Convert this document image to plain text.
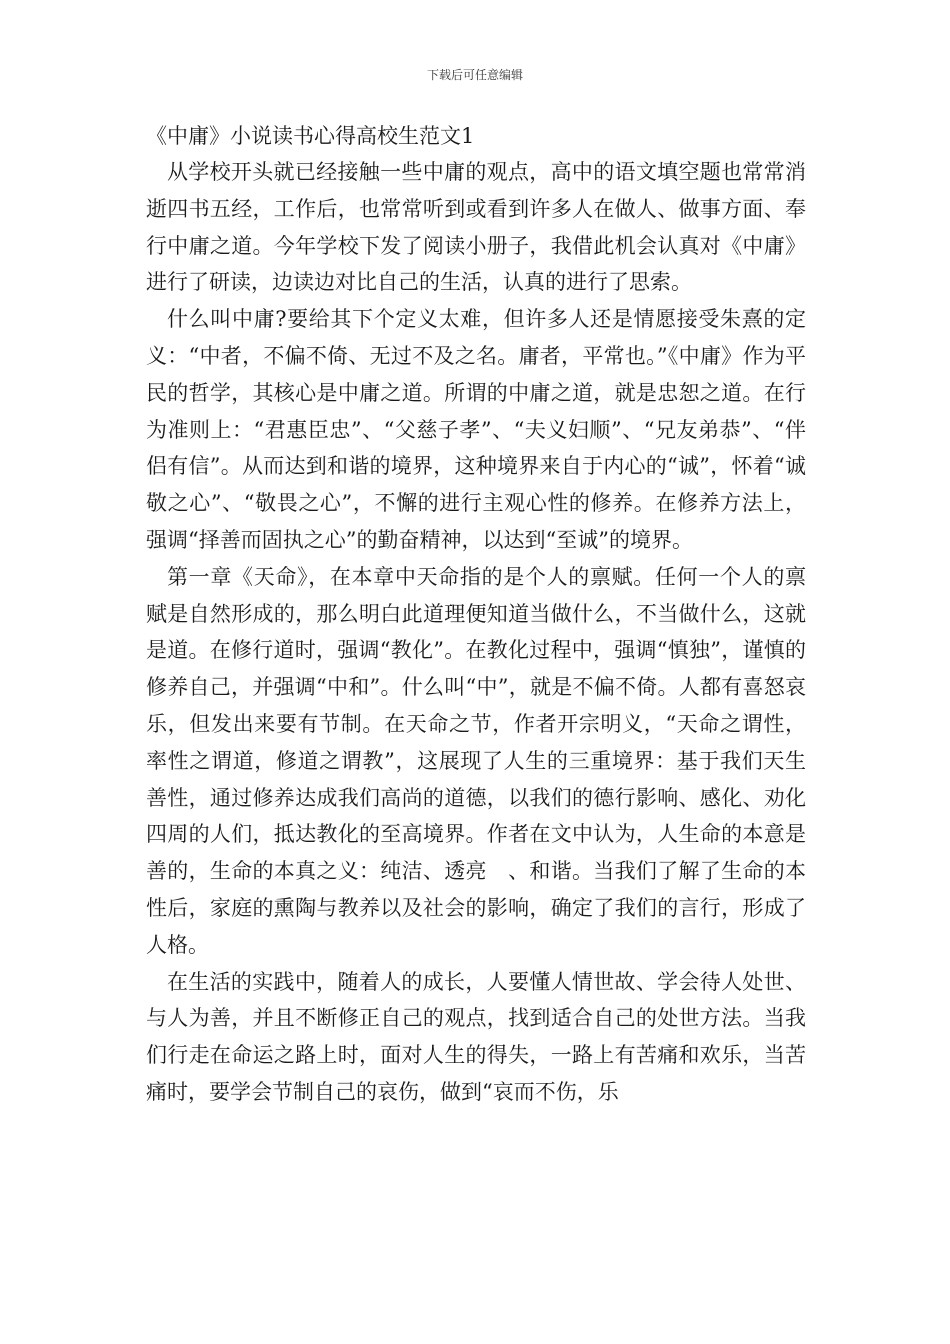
下载后可任意编辑
《中庸》小说读书心得高校生范文1

从学校开头就已经接触一些中庸的观点，高中的语文填空题也常常消逝四书五经，工作后，也常常听到或看到许多人在做人、做事方面、奉行中庸之道。今年学校下发了阅读小册子，我借此机会认真对《中庸》进行了研读，边读边对比自己的生活，认真的进行了思索。

什么叫中庸?要给其下个定义太难，但许多人还是情愿接受朱熹的定义：“中者，不偏不倚、无过不及之名。庸者，平常也。”《中庸》作为平民的哲学，其核心是中庸之道。所谓的中庸之道，就是忠恕之道。在行为准则上：“君惠臣忠”、“父慈子孝”、“夫义妇顺”、“兄友弟恭”、“伴侣有信”。从而达到和谐的境界，这种境界来自于内心的“诚”，怀着“诚敬之心”、“敬畏之心”，不懈的进行主观心性的修养。在修养方法上，强调“择善而固执之心”的勤奋精神，以达到“至诚”的境界。

第一章《天命》，在本章中天命指的是个人的禀赋。任何一个人的禀赋是自然形成的，那么明白此道理便知道当做什么，不当做什么，这就是道。在修行道时，强调“教化”。在教化过程中，强调“慎独”，谨慎的修养自己，并强调“中和”。什么叫“中”，就是不偏不倚。人都有喜怒哀乐，但发出来要有节制。在天命之节，作者开宗明义，“天命之谓性，率性之谓道，修道之谓教”，这展现了人生的三重境界：基于我们天生善性，通过修养达成我们高尚的道德，以我们的德行影响、感化、劝化四周的人们，抵达教化的至高境界。作者在文中认为，人生命的本意是善的，生命的本真之义：纯洁、透亮　、和谐。当我们了解了生命的本性后，家庭的熏陶与教养以及社会的影响，确定了我们的言行，形成了人格。

在生活的实践中，随着人的成长，人要懂人情世故、学会待人处世、与人为善，并且不断修正自己的观点，找到适合自己的处世方法。当我们行走在命运之路上时，面对人生的得失，一路上有苦痛和欢乐，当苦痛时，要学会节制自己的哀伤，做到“哀而不伤，乐
